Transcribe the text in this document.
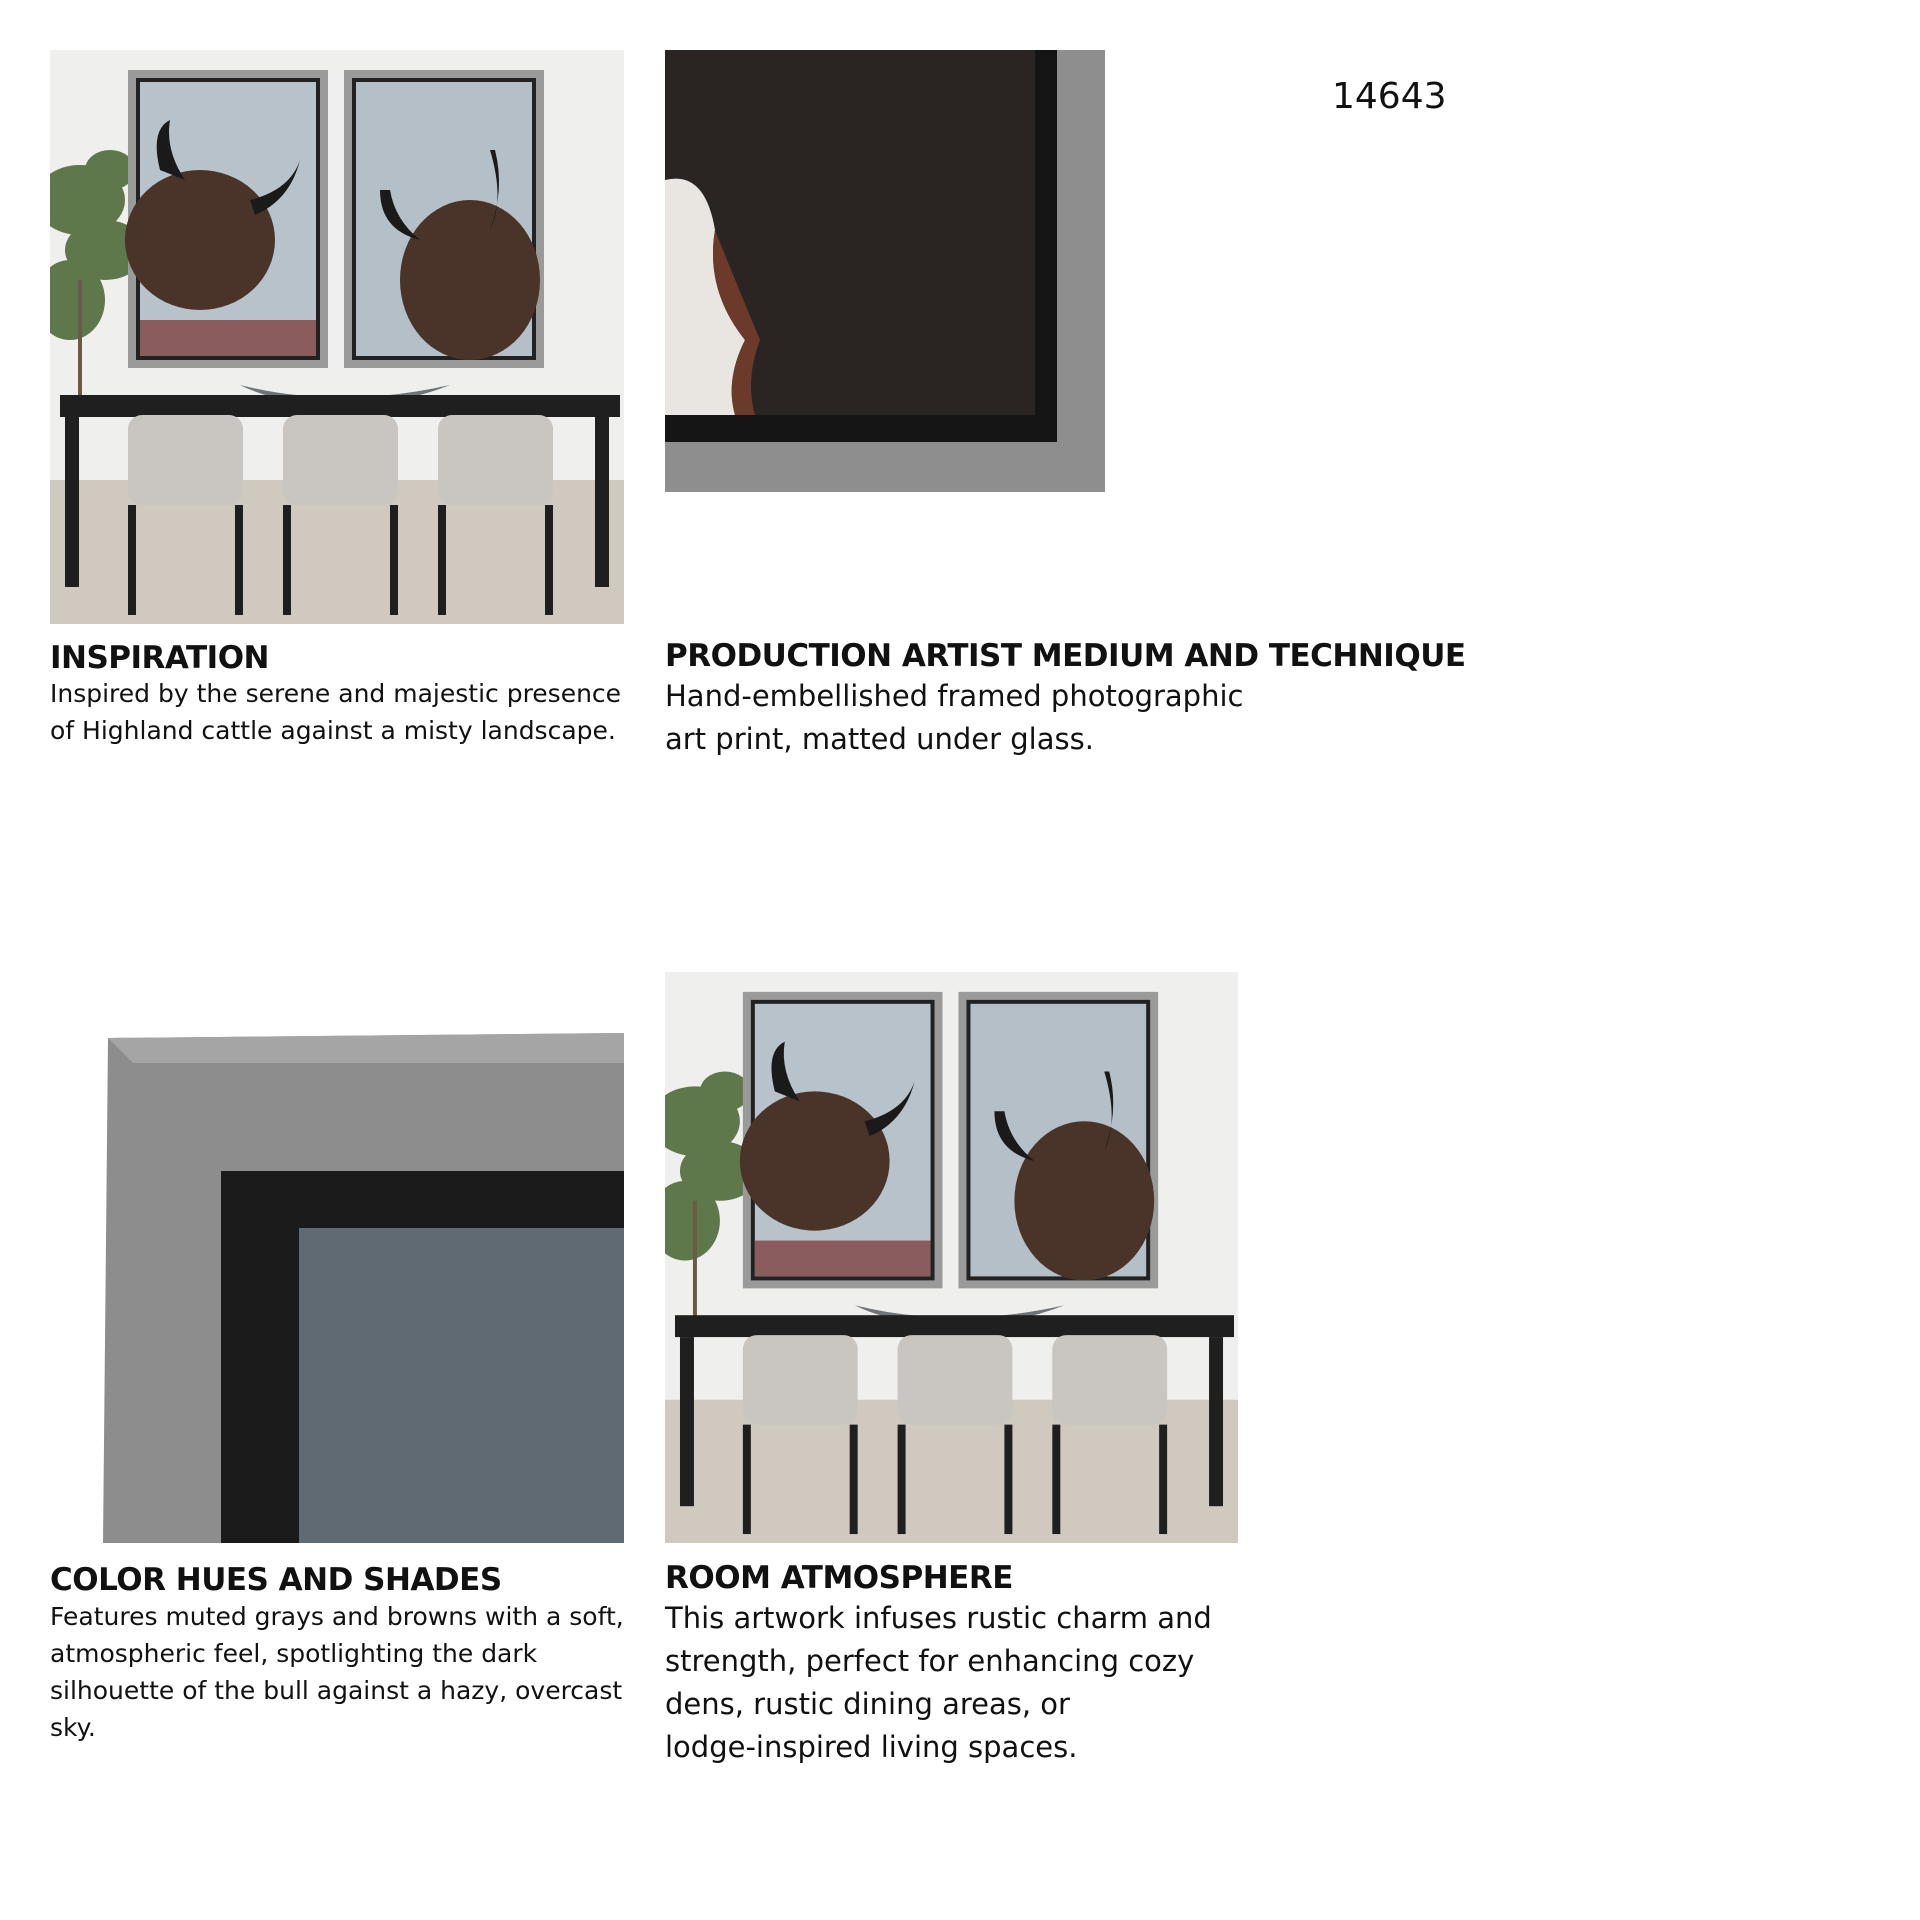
14643
INSPIRATION
Inspired by the serene and majestic presence
of Highland cattle against a misty landscape.
PRODUCTION ARTIST MEDIUM AND TECHNIQUE
Hand-embellished framed photographic
art print, matted under glass.
COLOR HUES AND SHADES
Features muted grays and browns with a soft,
atmospheric feel, spotlighting the dark
silhouette of the bull against a hazy, overcast
sky.
ROOM ATMOSPHERE
This artwork infuses rustic charm and
strength, perfect for enhancing cozy
dens, rustic dining areas, or
lodge-inspired living spaces.
